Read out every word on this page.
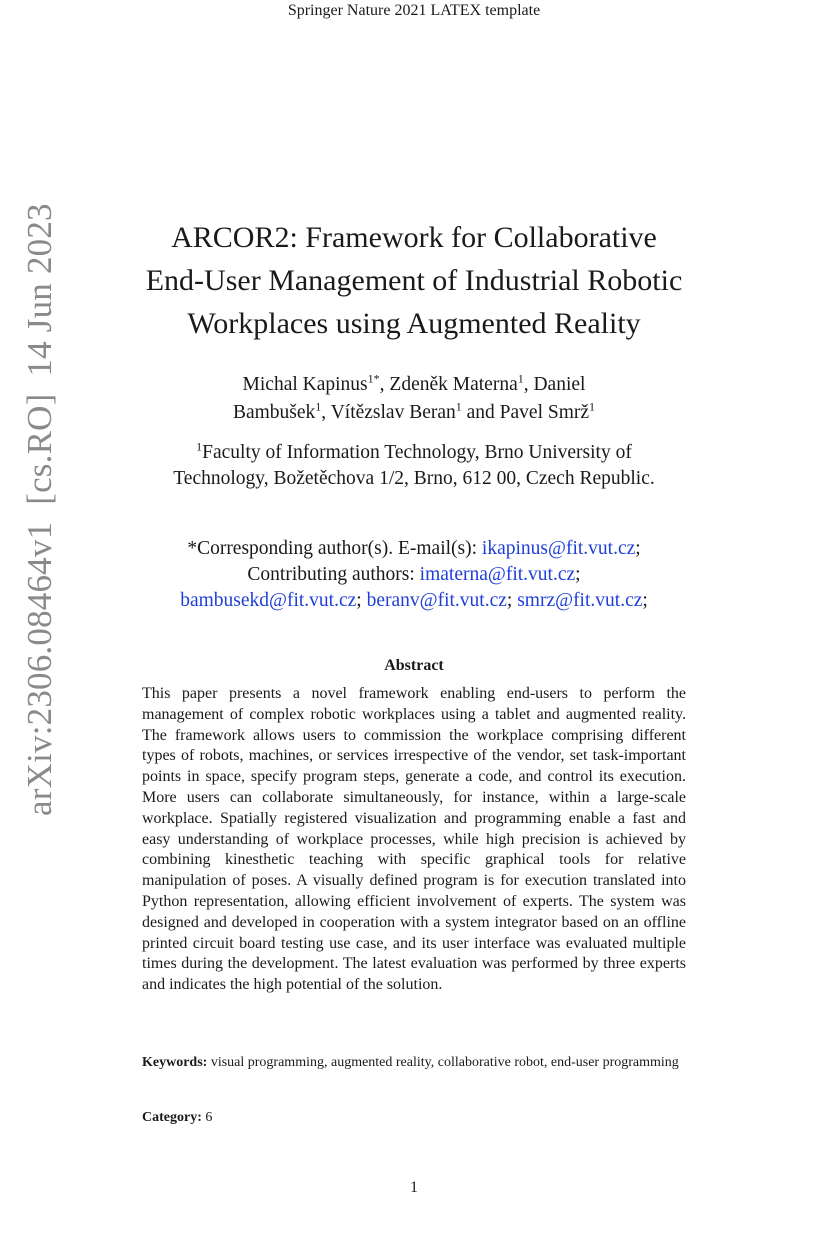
Springer Nature 2021 LATEX template
arXiv:2306.08464v1 [cs.RO] 14 Jun 2023	ARCOR2: Framework for Collaborative
End-User Management of Industrial Robotic
Workplaces using Augmented Reality
Michal Kapinus$^{1*}$, Zdeněk Materna$^1$, Daniel
Bambušek$^1$, Vítězslav Beran$^1$ and Pavel Smrž$^1$
$^1$Faculty of Information Technology, Brno University of
Technology, Božetěchova 1/2, Brno, 612 00, Czech Republic.
*Corresponding author(s). E-mail(s): ikapinus@fit.vut.cz;
Contributing authors: imaterna@fit.vut.cz;
bambusekd@fit.vut.cz; beranv@fit.vut.cz; smrz@fit.vut.cz;
Abstract
This paper presents a novel framework enabling end-users to perform the management of complex robotic workplaces using a tablet and augmented reality. The framework allows users to commission the workplace comprising different types of robots, machines, or services irrespective of the vendor, set task-important points in space, specify program steps, generate a code, and control its execution. More users can collaborate simultaneously, for instance, within a large-scale workplace. Spatially registered visualization and programming enable a fast and easy understanding of workplace processes, while high precision is achieved by combining kinesthetic teaching with specific graphical tools for relative manipulation of poses. A visually defined program is for execution translated into Python representation, allowing efficient involvement of experts. The system was designed and developed in cooperation with a system integrator based on an offline printed circuit board testing use case, and its user interface was evaluated multiple times during the development. The latest evaluation was performed by three experts and indicates the high potential of the solution.
Keywords: visual programming, augmented reality, collaborative robot, end-user programming
Category: 6
1
